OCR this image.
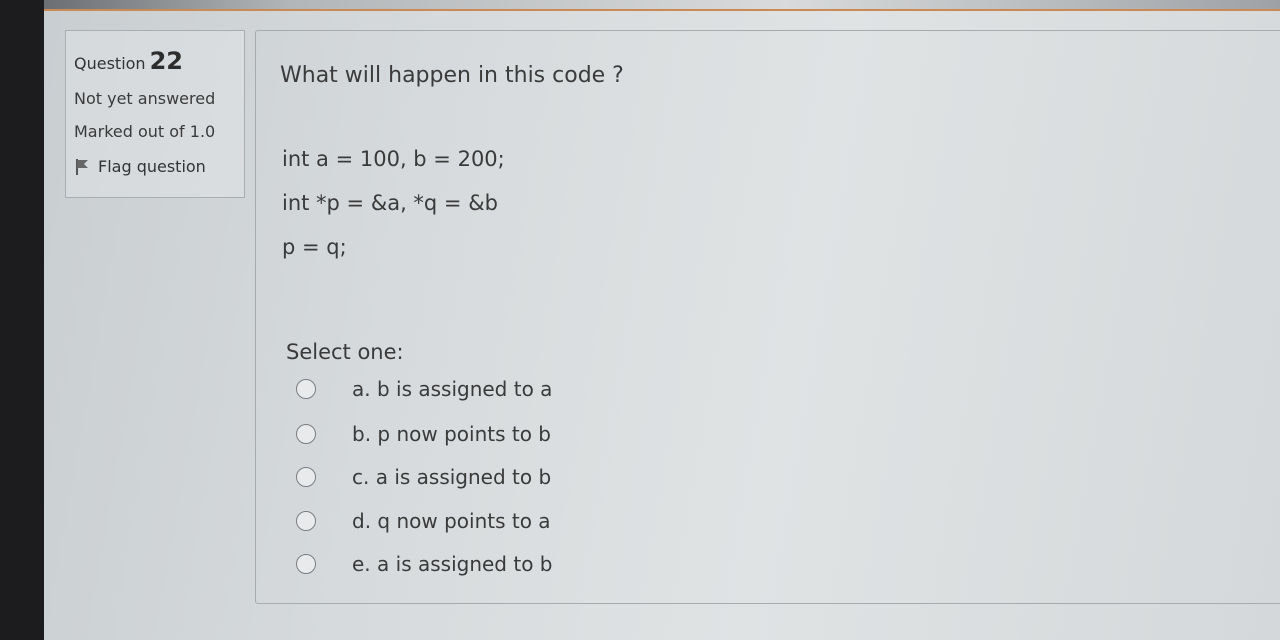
Question 22
Not yet answered
Marked out of 1.0
Flag question
What will happen in this code ?
int a = 100, b = 200;
int *p = &a, *q = &b
p = q;
Select one:
a. b is assigned to a
b. p now points to b
c. a is assigned to b
d. q now points to a
e. a is assigned to b
